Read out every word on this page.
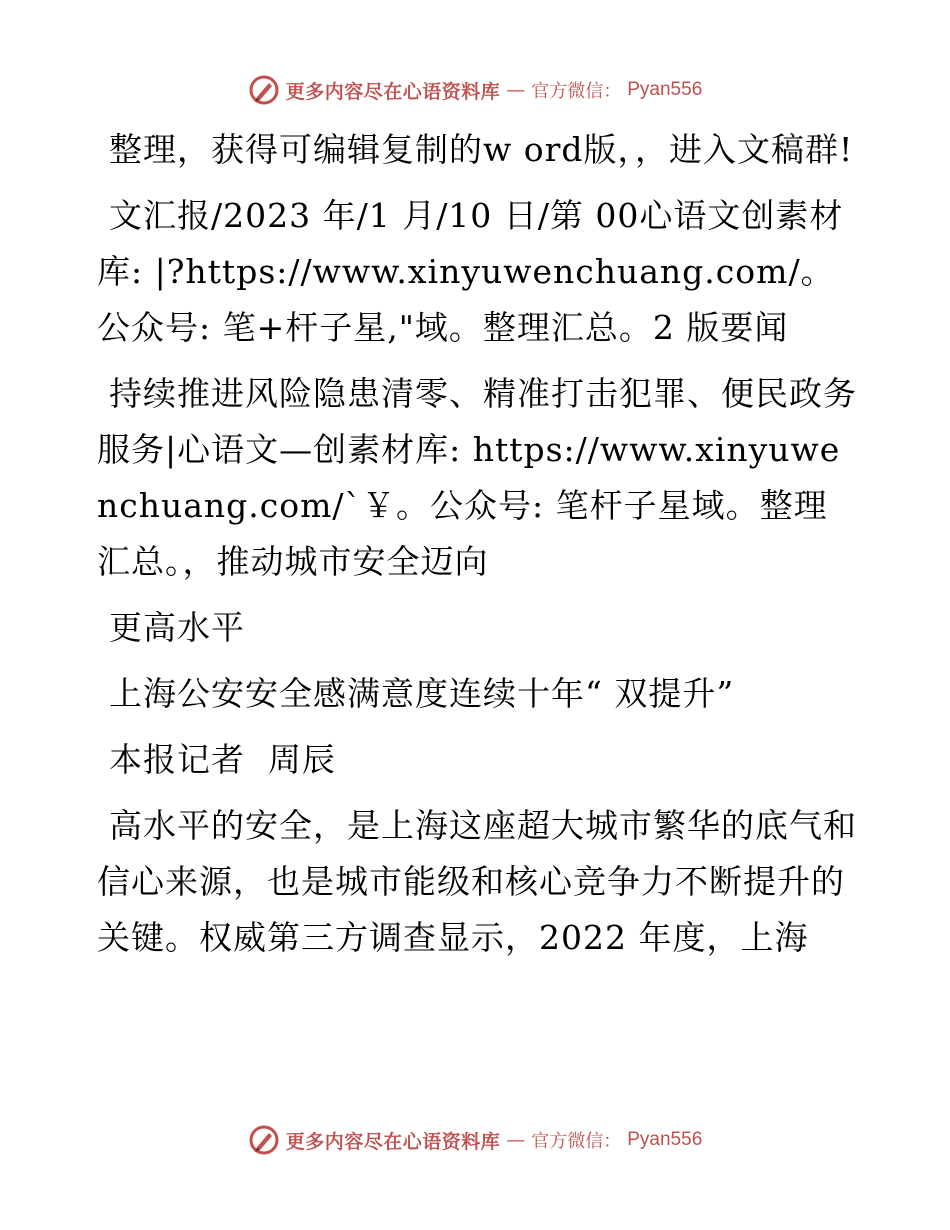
更多内容尽在心语资料库 — 官方微信： Pyan556

整理，获得可编辑复制的w ord版，，进入文稿群!

文汇报/2023 年/1 月/10 日/第 00心语文创素材库: |?https://www.xinyuwenchuang.com/。公众号: 笔+杆子星,"域。整理汇总。2 版要闻

持续推进风险隐患清零、精准打击犯罪、便民政务服务|心语文—创素材库: https://www.xinyuwenchuang.com/`￥。公众号: 笔杆子星域。整理汇总。，推动城市安全迈向

更高水平

上海公安安全感满意度连续十年“ 双提升”

本报记者  周辰

高水平的安全，是上海这座超大城市繁华的底气和信心来源，也是城市能级和核心竞争力不断提升的关键。权威第三方调查显示，2022 年度，上海

更多内容尽在心语资料库 — 官方微信： Pyan556
